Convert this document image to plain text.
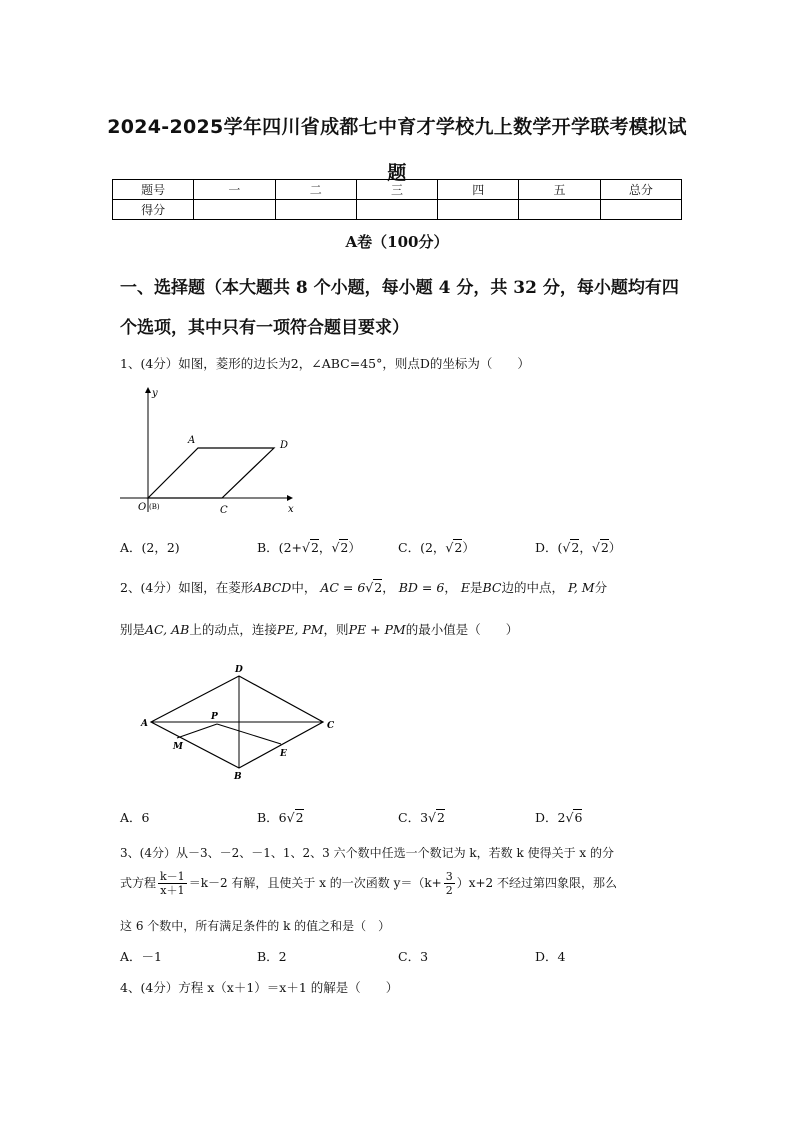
2024-2025学年四川省成都七中育才学校九上数学开学联考模拟试题
题号	一	二	三	四	五	总分
得分						
A卷（100分）
一、选择题（本大题共 8 个小题，每小题 4 分，共 32 分，每小题均有四个选项，其中只有一项符合题目要求）
1、(4分）如图，菱形的边长为2，∠ABC=45°，则点D的坐标为（　　）
y
x
A	D
O (B)	C
A．(2，2)	B．(2+√2，√2）	C．(2，√2）	D．(√2，√2）
2、(4分）如图，在菱形ABCD中， AC = 6√2， BD = 6， E是BC边的中点， P, M分
别是AC, AB上的动点，连接PE, PM，则PE + PM的最小值是（　　）
A
D
C
B
P
M
E
A．6	B．6√2	C．3√2	D．2√6
3、(4分）从－3、－2、－1、1、2、3 六个数中任选一个数记为 k，若数 k 使得关于 x 的分
式方程 $\frac{k-1}{x+1} =k-2$ 有解，且使关于 x 的一次函数 $y=(k+ \frac{3}{2} )x+2$ 不经过第四象限，那么
这 6 个数中，所有满足条件的 k 的值之和是（　）
A．－1	B．2	C．3	D．4
4、(4分）方程 x（x＋1）＝x＋1 的解是（　　）
